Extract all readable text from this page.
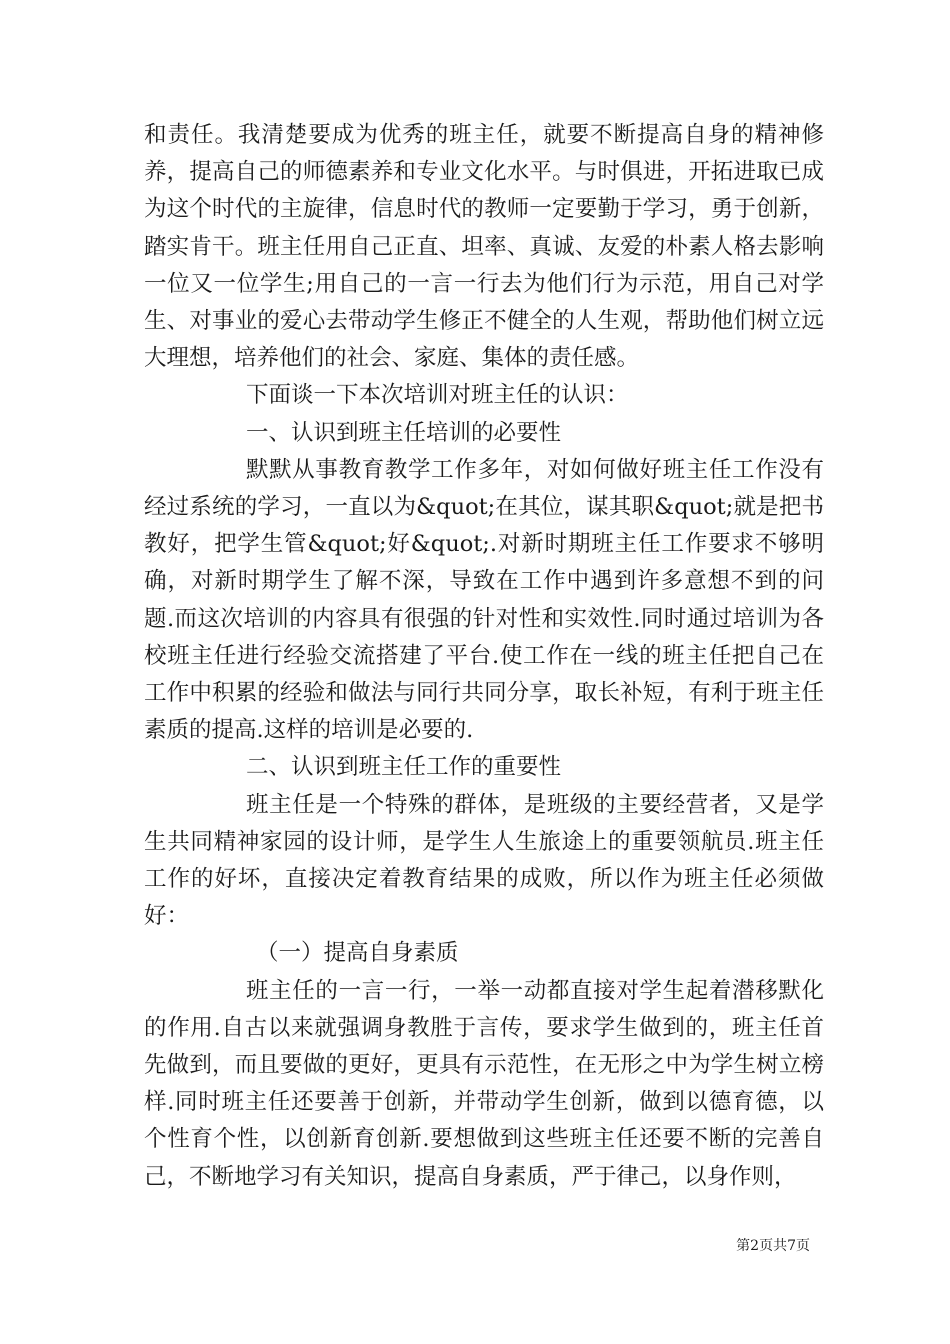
和责任。我清楚要成为优秀的班主任，就要不断提高自身的精神修养，提高自己的师德素养和专业文化水平。与时俱进，开拓进取已成为这个时代的主旋律，信息时代的教师一定要勤于学习，勇于创新，踏实肯干。班主任用自己正直、坦率、真诚、友爱的朴素人格去影响一位又一位学生;用自己的一言一行去为他们行为示范，用自己对学生、对事业的爱心去带动学生修正不健全的人生观，帮助他们树立远大理想，培养他们的社会、家庭、集体的责任感。

下面谈一下本次培训对班主任的认识：

一、认识到班主任培训的必要性

默默从事教育教学工作多年，对如何做好班主任工作没有经过系统的学习，一直以为&quot;在其位，谋其职&quot;就是把书教好，把学生管&quot;好&quot;.对新时期班主任工作要求不够明确，对新时期学生了解不深，导致在工作中遇到许多意想不到的问题.而这次培训的内容具有很强的针对性和实效性.同时通过培训为各校班主任进行经验交流搭建了平台.使工作在一线的班主任把自己在工作中积累的经验和做法与同行共同分享，取长补短，有利于班主任素质的提高.这样的培训是必要的.

二、认识到班主任工作的重要性

班主任是一个特殊的群体，是班级的主要经营者，又是学生共同精神家园的设计师，是学生人生旅途上的重要领航员.班主任工作的好坏，直接决定着教育结果的成败，所以作为班主任必须做好：

（一）提高自身素质

班主任的一言一行，一举一动都直接对学生起着潜移默化的作用.自古以来就强调身教胜于言传，要求学生做到的，班主任首先做到，而且要做的更好，更具有示范性，在无形之中为学生树立榜样.同时班主任还要善于创新，并带动学生创新，做到以德育德，以个性育个性，以创新育创新.要想做到这些班主任还要不断的完善自己，不断地学习有关知识，提高自身素质，严于律己，以身作则，

第2页共7页
